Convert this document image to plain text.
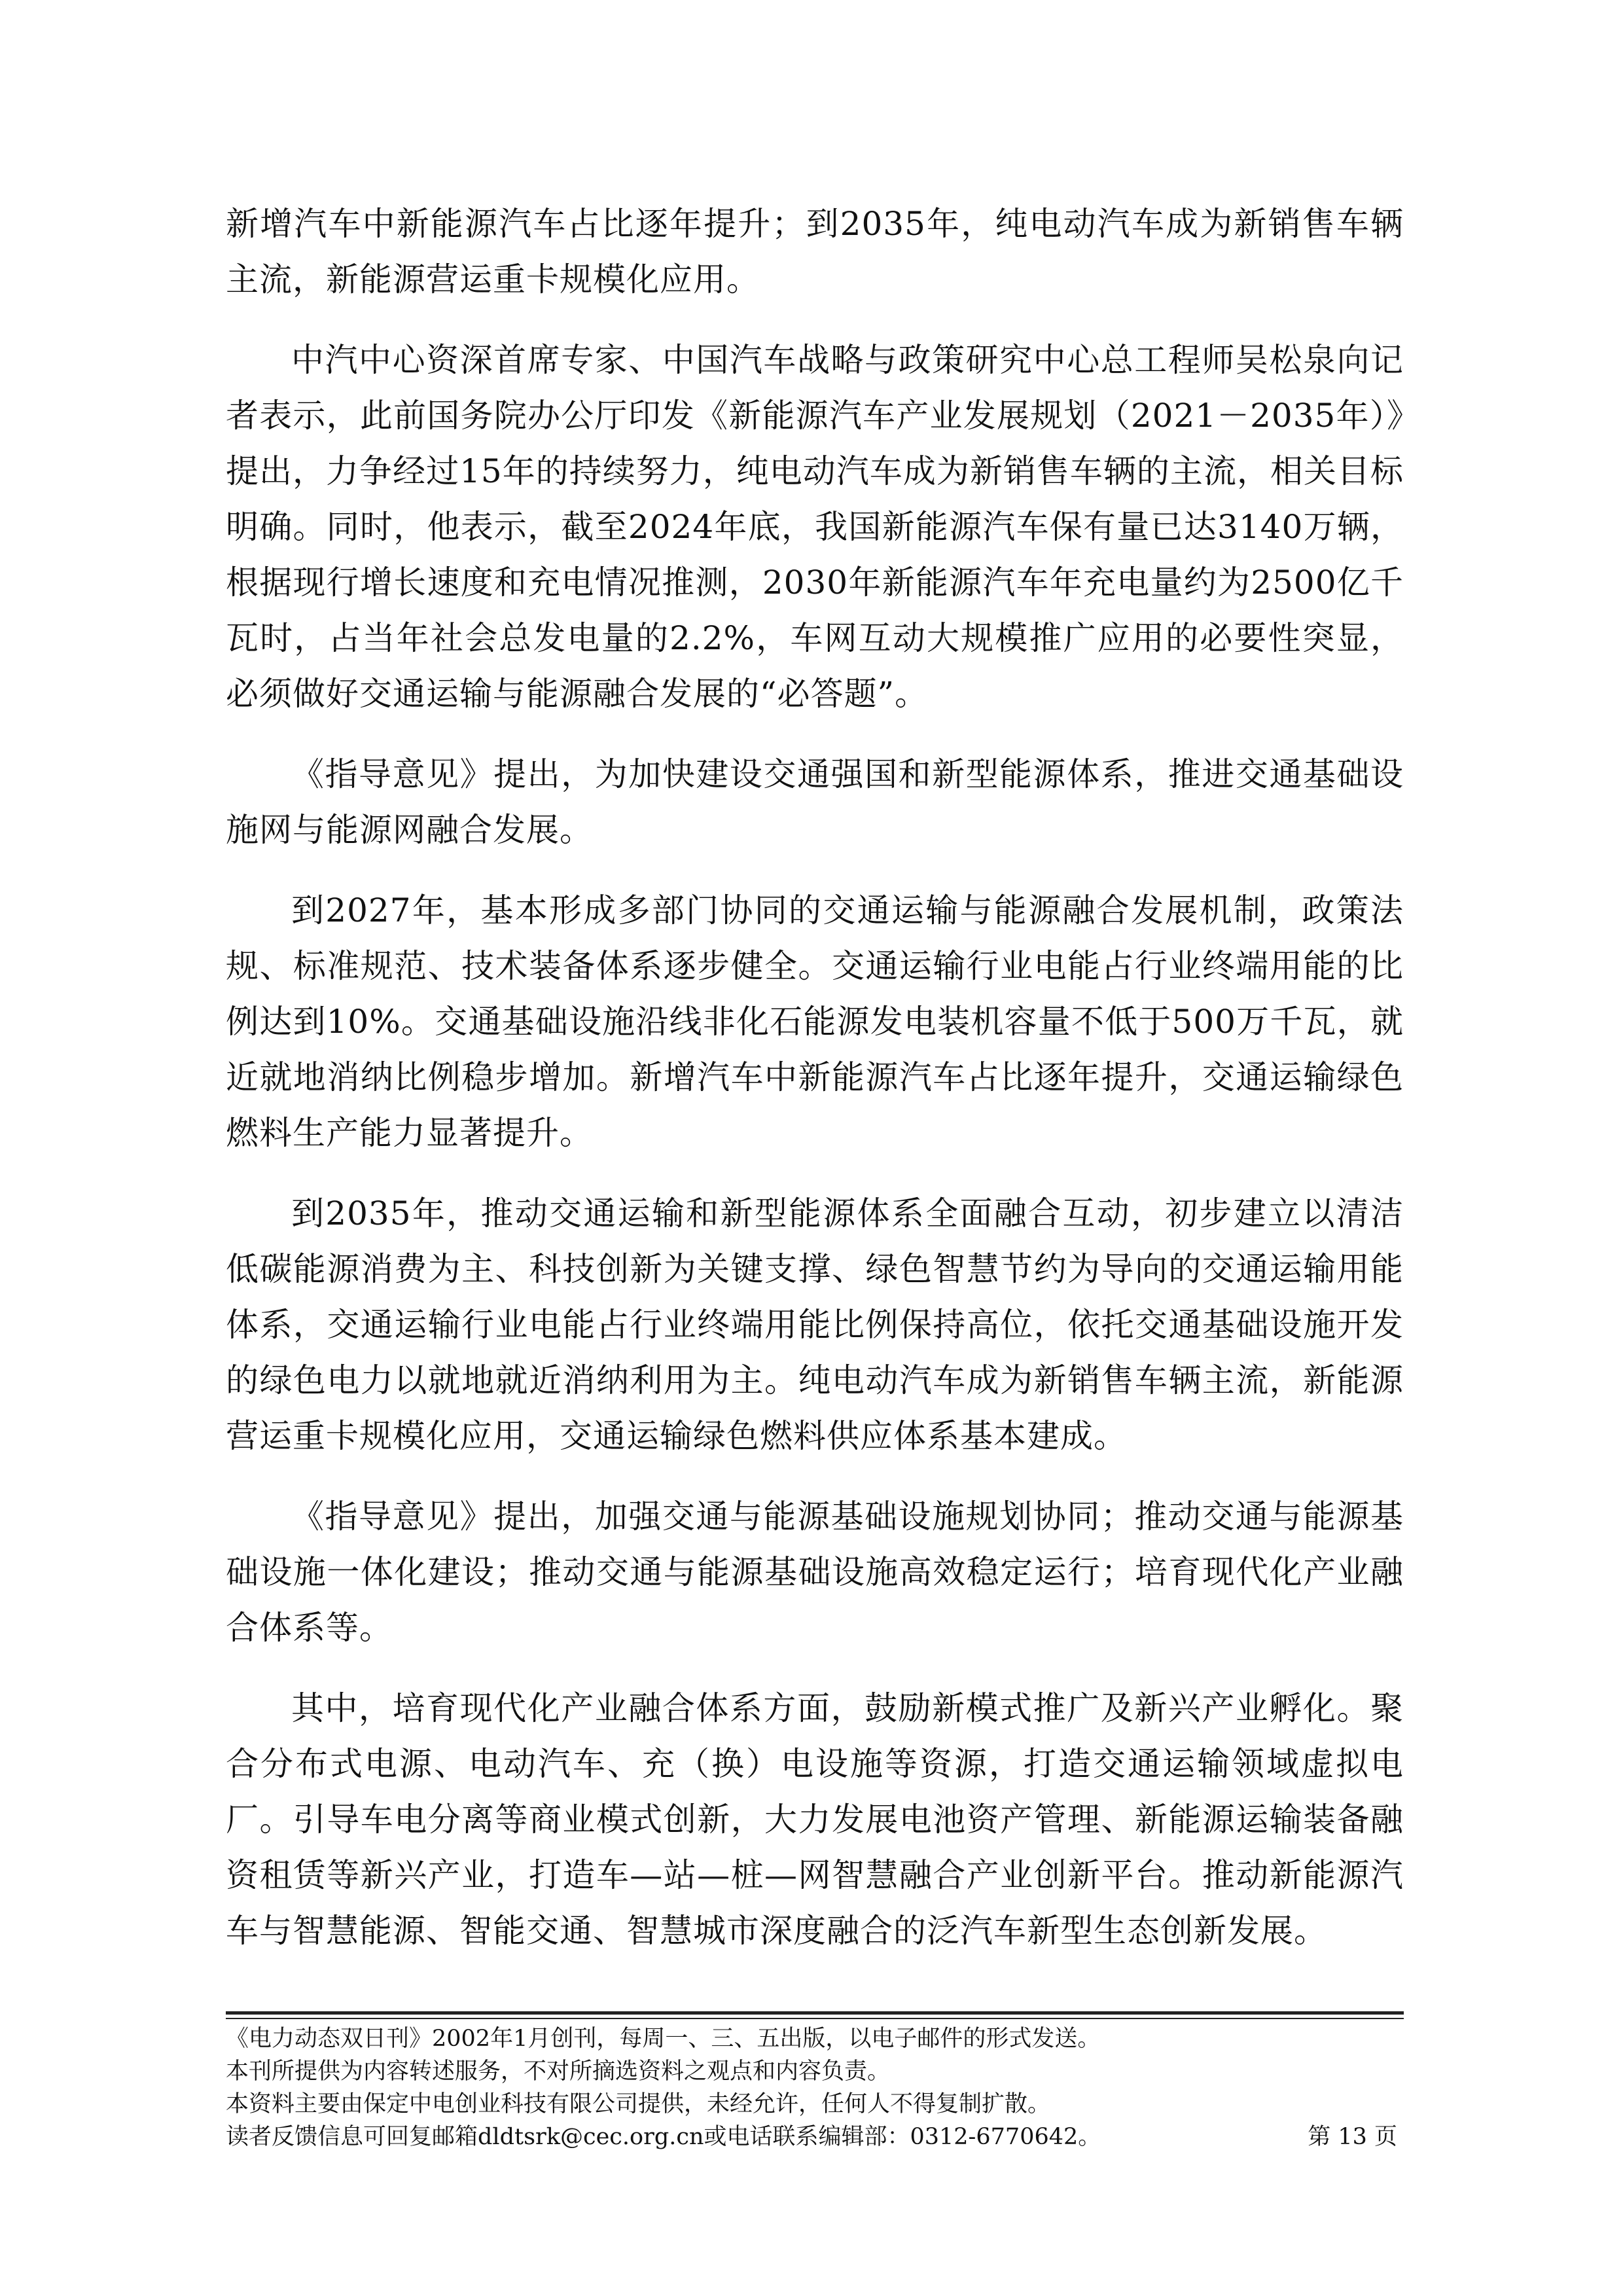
新增汽车中新能源汽车占比逐年提升；到2035年，纯电动汽车成为新销售车辆主流，新能源营运重卡规模化应用。

中汽中心资深首席专家、中国汽车战略与政策研究中心总工程师吴松泉向记者表示，此前国务院办公厅印发《新能源汽车产业发展规划（2021－2035年）》提出，力争经过15年的持续努力，纯电动汽车成为新销售车辆的主流，相关目标明确。同时，他表示，截至2024年底，我国新能源汽车保有量已达3140万辆，根据现行增长速度和充电情况推测，2030年新能源汽车年充电量约为2500亿千瓦时，占当年社会总发电量的2.2%，车网互动大规模推广应用的必要性突显，必须做好交通运输与能源融合发展的“必答题”。

《指导意见》提出，为加快建设交通强国和新型能源体系，推进交通基础设施网与能源网融合发展。

到2027年，基本形成多部门协同的交通运输与能源融合发展机制，政策法规、标准规范、技术装备体系逐步健全。交通运输行业电能占行业终端用能的比例达到10%。交通基础设施沿线非化石能源发电装机容量不低于500万千瓦，就近就地消纳比例稳步增加。新增汽车中新能源汽车占比逐年提升，交通运输绿色燃料生产能力显著提升。

到2035年，推动交通运输和新型能源体系全面融合互动，初步建立以清洁低碳能源消费为主、科技创新为关键支撑、绿色智慧节约为导向的交通运输用能体系，交通运输行业电能占行业终端用能比例保持高位，依托交通基础设施开发的绿色电力以就地就近消纳利用为主。纯电动汽车成为新销售车辆主流，新能源营运重卡规模化应用，交通运输绿色燃料供应体系基本建成。

《指导意见》提出，加强交通与能源基础设施规划协同；推动交通与能源基础设施一体化建设；推动交通与能源基础设施高效稳定运行；培育现代化产业融合体系等。

其中，培育现代化产业融合体系方面，鼓励新模式推广及新兴产业孵化。聚合分布式电源、电动汽车、充（换）电设施等资源，打造交通运输领域虚拟电厂。引导车电分离等商业模式创新，大力发展电池资产管理、新能源运输装备融资租赁等新兴产业，打造车—站—桩—网智慧融合产业创新平台。推动新能源汽车与智慧能源、智能交通、智慧城市深度融合的泛汽车新型生态创新发展。

《电力动态双日刊》2002年1月创刊，每周一、三、五出版，以电子邮件的形式发送。

本刊所提供为内容转述服务，不对所摘选资料之观点和内容负责。

本资料主要由保定中电创业科技有限公司提供，未经允许，任何人不得复制扩散。

读者反馈信息可回复邮箱dldtsrk@cec.org.cn或电话联系编辑部：0312-6770642。	第 13 页
